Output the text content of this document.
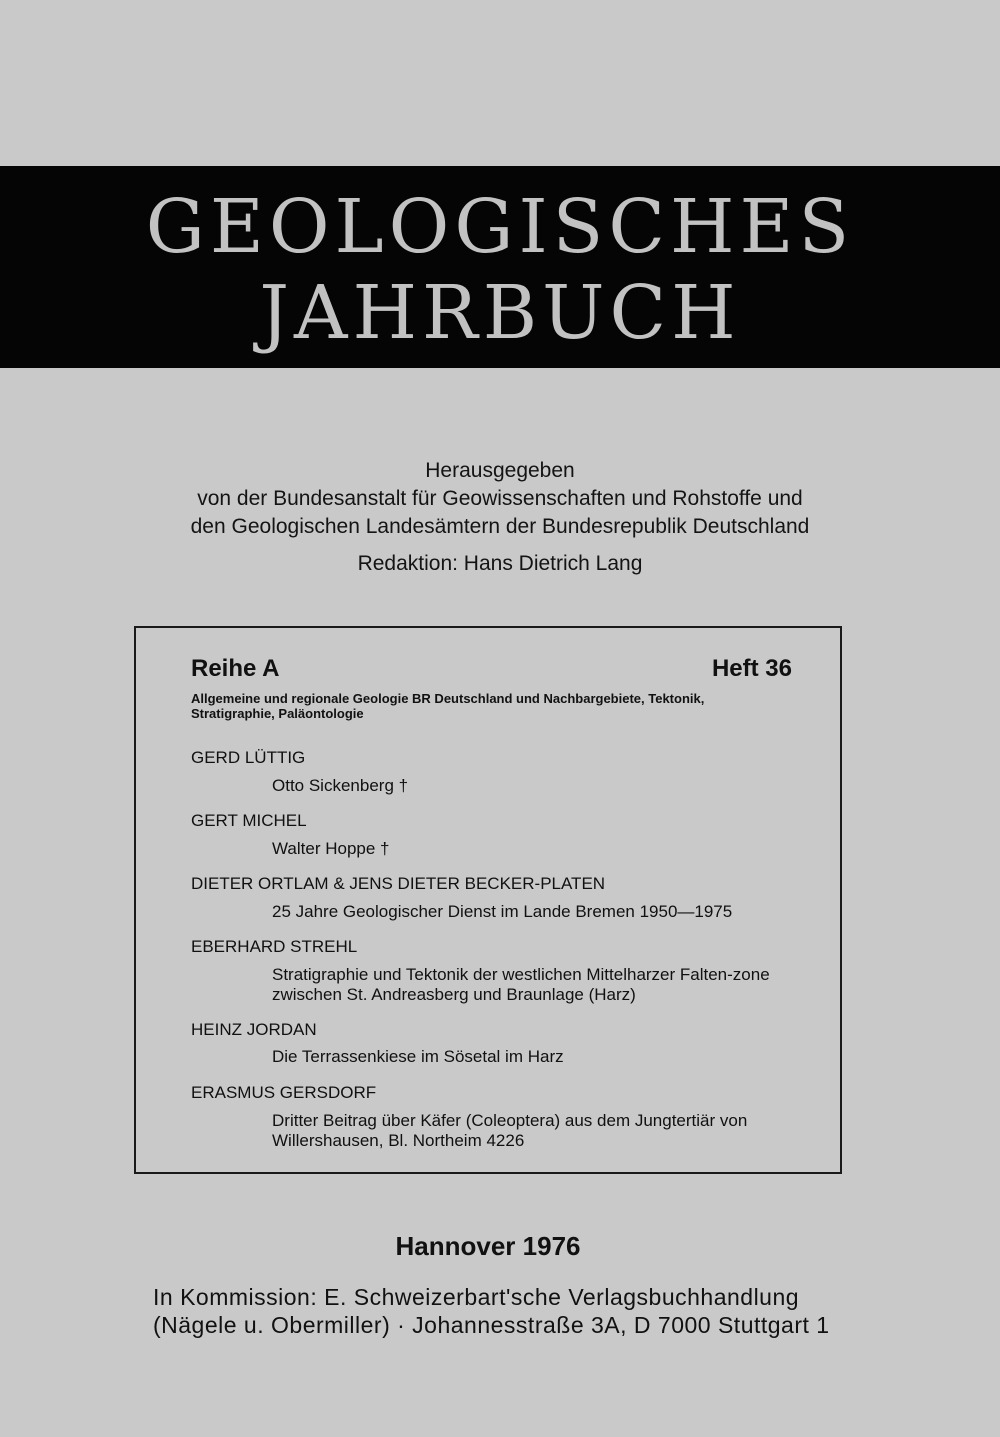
GEOLOGISCHES
JAHRBUCH
Herausgegeben
von der Bundesanstalt für Geowissenschaften und Rohstoffe und
den Geologischen Landesämtern der Bundesrepublik Deutschland
Redaktion: Hans Dietrich Lang
Reihe A	Heft 36
Allgemeine und regionale Geologie BR Deutschland und Nachbargebiete, Tektonik, Stratigraphie, Paläontologie
GERD LÜTTIG
Otto Sickenberg †
GERT MICHEL
Walter Hoppe †
DIETER ORTLAM & JENS DIETER BECKER-PLATEN
25 Jahre Geologischer Dienst im Lande Bremen 1950—1975
EBERHARD STREHL
Stratigraphie und Tektonik der westlichen Mittelharzer Falten-zone zwischen St. Andreasberg und Braunlage (Harz)
HEINZ JORDAN
Die Terrassenkiese im Sösetal im Harz
ERASMUS GERSDORF
Dritter Beitrag über Käfer (Coleoptera) aus dem Jungtertiär von Willershausen, Bl. Northeim 4226
Hannover 1976
In Kommission: E. Schweizerbart'sche Verlagsbuchhandlung
(Nägele u. Obermiller) · Johannesstraße 3A, D 7000 Stuttgart 1
